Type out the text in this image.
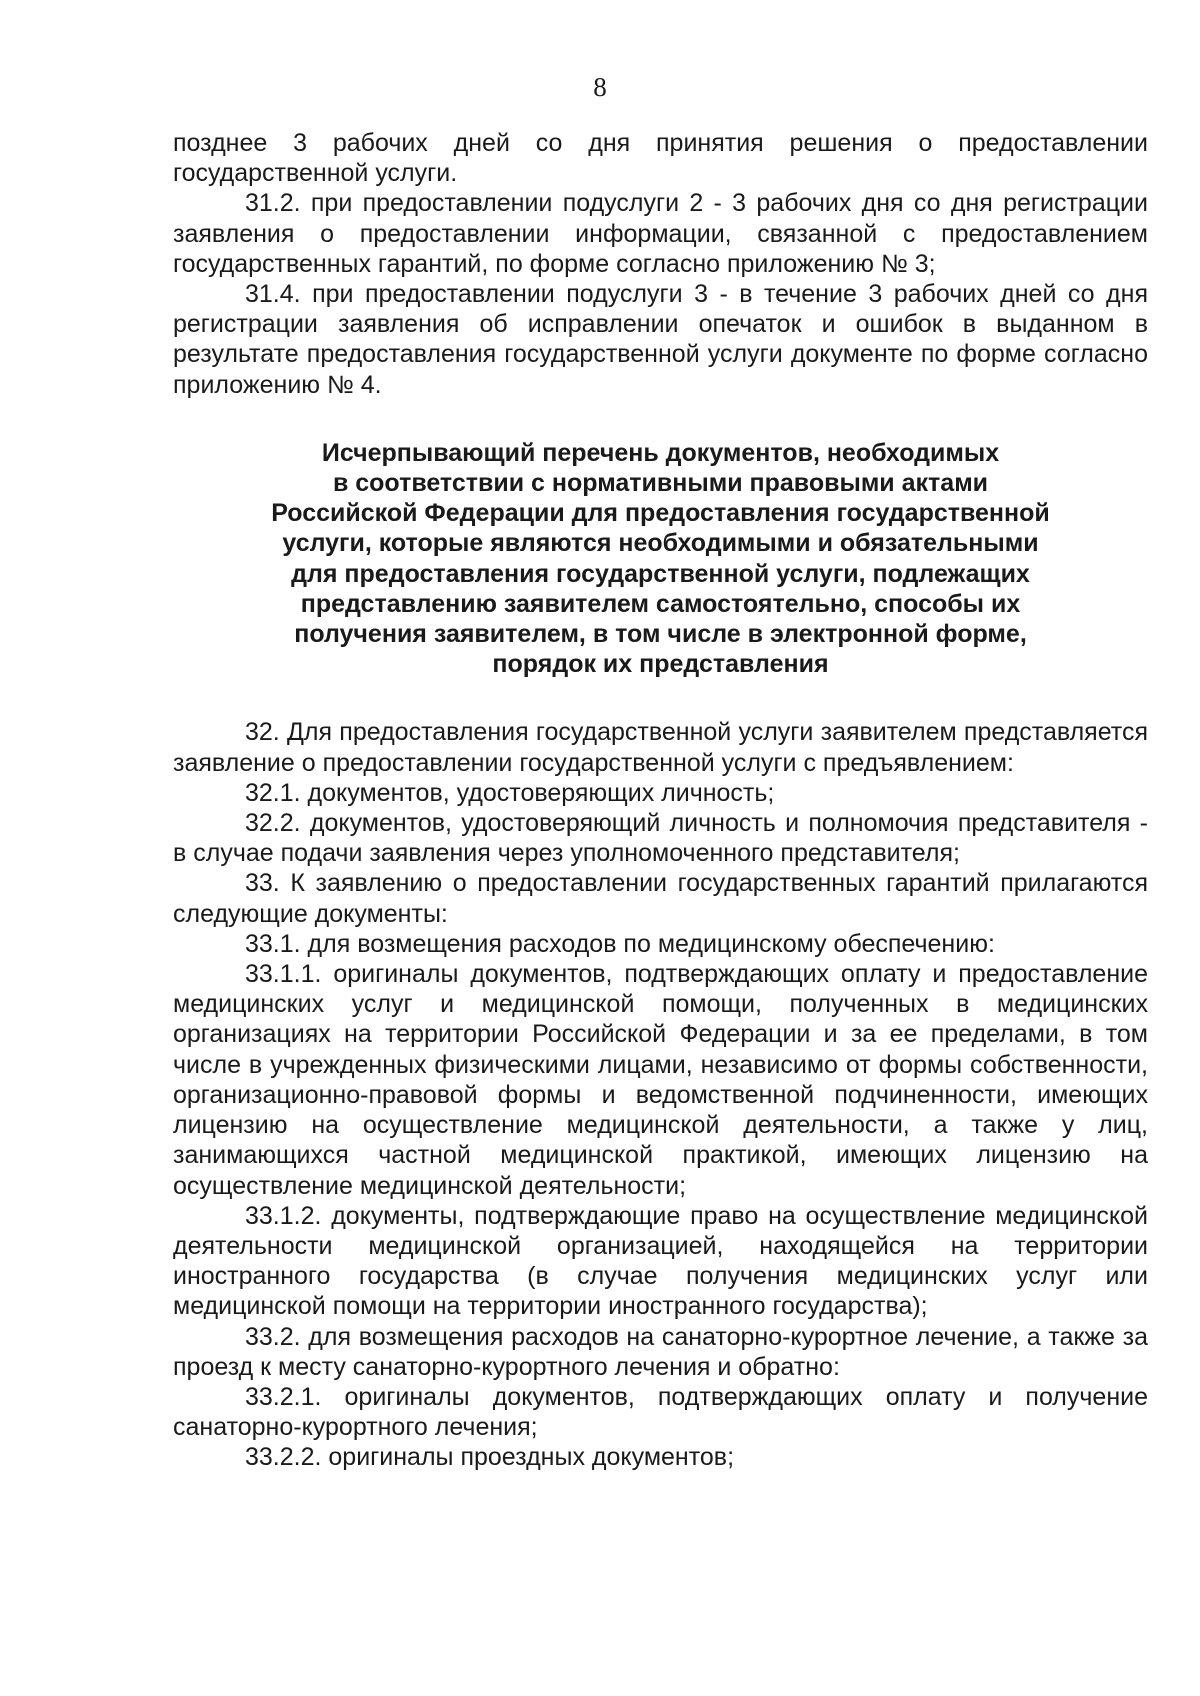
8

позднее 3 рабочих дней со дня принятия решения о предоставлении государственной услуги.

31.2. при предоставлении подуслуги 2 - 3 рабочих дня со дня регистрации заявления о предоставлении информации, связанной с предоставлением государственных гарантий, по форме согласно приложению № 3;

31.4. при предоставлении подуслуги 3 - в течение 3 рабочих дней со дня регистрации заявления об исправлении опечаток и ошибок в выданном в результате предоставления государственной услуги документе по форме согласно приложению № 4.

Исчерпывающий перечень документов, необходимых
в соответствии с нормативными правовыми актами
Российской Федерации для предоставления государственной
услуги, которые являются необходимыми и обязательными
для предоставления государственной услуги, подлежащих
представлению заявителем самостоятельно, способы их
получения заявителем, в том числе в электронной форме,
порядок их представления

32. Для предоставления государственной услуги заявителем представляется заявление о предоставлении государственной услуги с предъявлением:

32.1. документов, удостоверяющих личность;

32.2. документов, удостоверяющий личность и полномочия представителя - в случае подачи заявления через уполномоченного представителя;

33. К заявлению о предоставлении государственных гарантий прилагаются следующие документы:

33.1. для возмещения расходов по медицинскому обеспечению:

33.1.1. оригиналы документов, подтверждающих оплату и предоставление медицинских услуг и медицинской помощи, полученных в медицинских организациях на территории Российской Федерации и за ее пределами, в том числе в учрежденных физическими лицами, независимо от формы собственности, организационно-правовой формы и ведомственной подчиненности, имеющих лицензию на осуществление медицинской деятельности, а также у лиц, занимающихся частной медицинской практикой, имеющих лицензию на осуществление медицинской деятельности;

33.1.2. документы, подтверждающие право на осуществление медицинской деятельности медицинской организацией, находящейся на территории иностранного государства (в случае получения медицинских услуг или медицинской помощи на территории иностранного государства);

33.2. для возмещения расходов на санаторно-курортное лечение, а также за проезд к месту санаторно-курортного лечения и обратно:

33.2.1. оригиналы документов, подтверждающих оплату и получение санаторно-курортного лечения;

33.2.2. оригиналы проездных документов;
